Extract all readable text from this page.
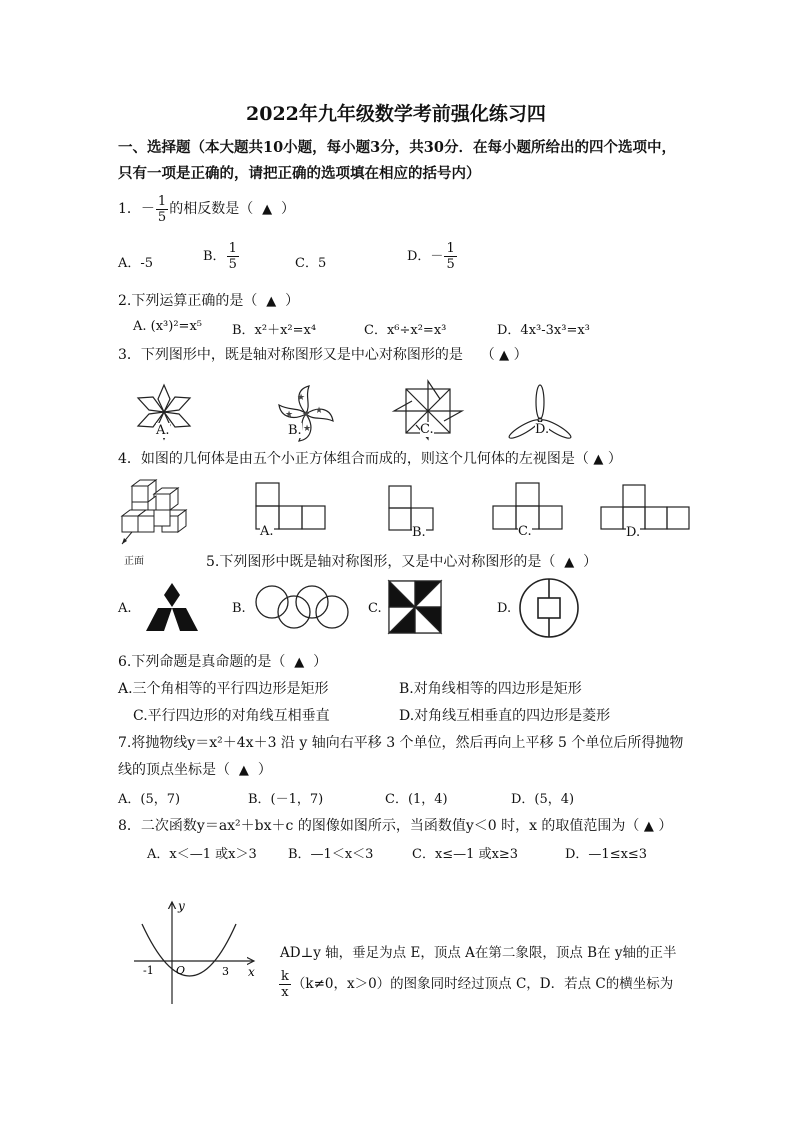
2022年九年级数学考前强化练习四
一、选择题（本大题共10小题，每小题3分，共30分．在每小题所给出的四个选项中，
只有一项是正确的，请把正确的选项填在相应的括号内）
1．－ $\frac{1}{5}$ 的相反数是（ ▲ ）
A．-5	B． $\frac{1}{5}$	C．5	D．－ $\frac{1}{5}$
2.下列运算正确的是（ ▲ ）
A. (x³)²=x⁵ B．x²＋x²=x⁴	C．x⁶÷x²=x³	D．4x³-3x³=x³
3．下列图形中，既是轴对称图形又是中心对称图形的是 （ ▲ ）
A.
★
★
★
★ ★
B.	C.	D.
4．如图的几何体是由五个小正方体组合而成的，则这个几何体的左视图是（ ▲ ）
正面
A.	B.	C.	D.
5.下列图形中既是轴对称图形，又是中心对称图形的是（ ▲ ）
A.	B.	C.	D.
6.下列命题是真命题的是（ ▲ ）
A.三个角相等的平行四边形是矩形	B.对角线相等的四边形是矩形
C.平行四边形的对角线互相垂直	D.对角线互相垂直的四边形是菱形
7.将抛物线y＝x²＋4x＋3 沿 y 轴向右平移 3 个单位，然后再向上平移 5 个单位后所得抛物
线的顶点坐标是（ ▲ ）
A．(5，7)	B．(－1，7)	C．(1，4)	D．(5，4)
8．二次函数y＝ax²＋bx＋c 的图像如图所示，当函数值y＜0 时，x 的取值范围为（ ▲ ）
A．x＜—1 或x＞3 B．—1＜x＜3	C．x≤—1 或x≥3	D．—1≤x≤3
y
x
O
-1	3
AD⊥y 轴，垂足为点 E，顶点 A在第二象限，顶点 B在 y轴的正半
$\frac{k}{x} (k\ne 0$，x＞0）的图象同时经过顶点 C，D．若点 C的横坐标为
